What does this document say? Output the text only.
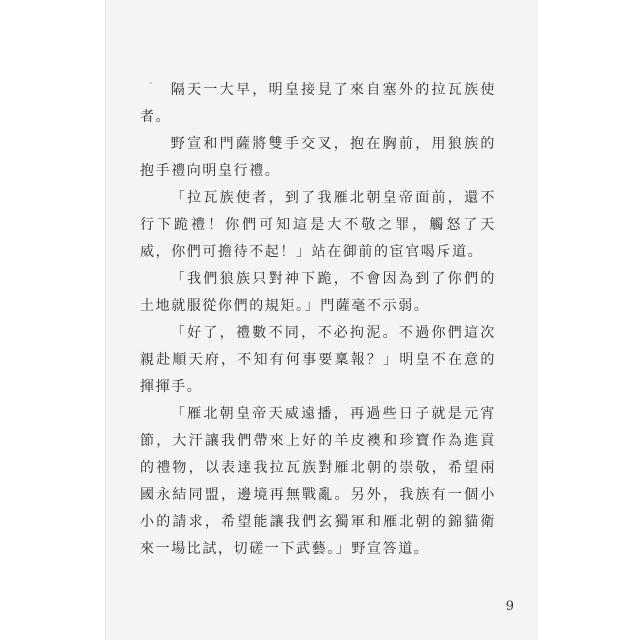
隔天一大早，明皇接見了來自塞外的拉瓦族使者。

野宣和門薩將雙手交叉，抱在胸前，用狼族的抱手禮向明皇行禮。

「拉瓦族使者，到了我雁北朝皇帝面前，還不行下跪禮！你們可知這是大不敬之罪，觸怒了天威，你們可擔待不起！」站在御前的宦官喝斥道。

「我們狼族只對神下跪，不會因為到了你們的土地就服從你們的規矩。」門薩毫不示弱。

「好了，禮數不同，不必拘泥。不過你們這次親赴順天府，不知有何事要稟報？」明皇不在意的揮揮手。

「雁北朝皇帝天威遠播，再過些日子就是元宵節，大汗讓我們帶來上好的羊皮襖和珍寶作為進貢的禮物，以表達我拉瓦族對雁北朝的崇敬，希望兩國永結同盟，邊境再無戰亂。另外，我族有一個小小的請求，希望能讓我們玄獨軍和雁北朝的錦貓衛來一場比試，切磋一下武藝。」野宣答道。

9
